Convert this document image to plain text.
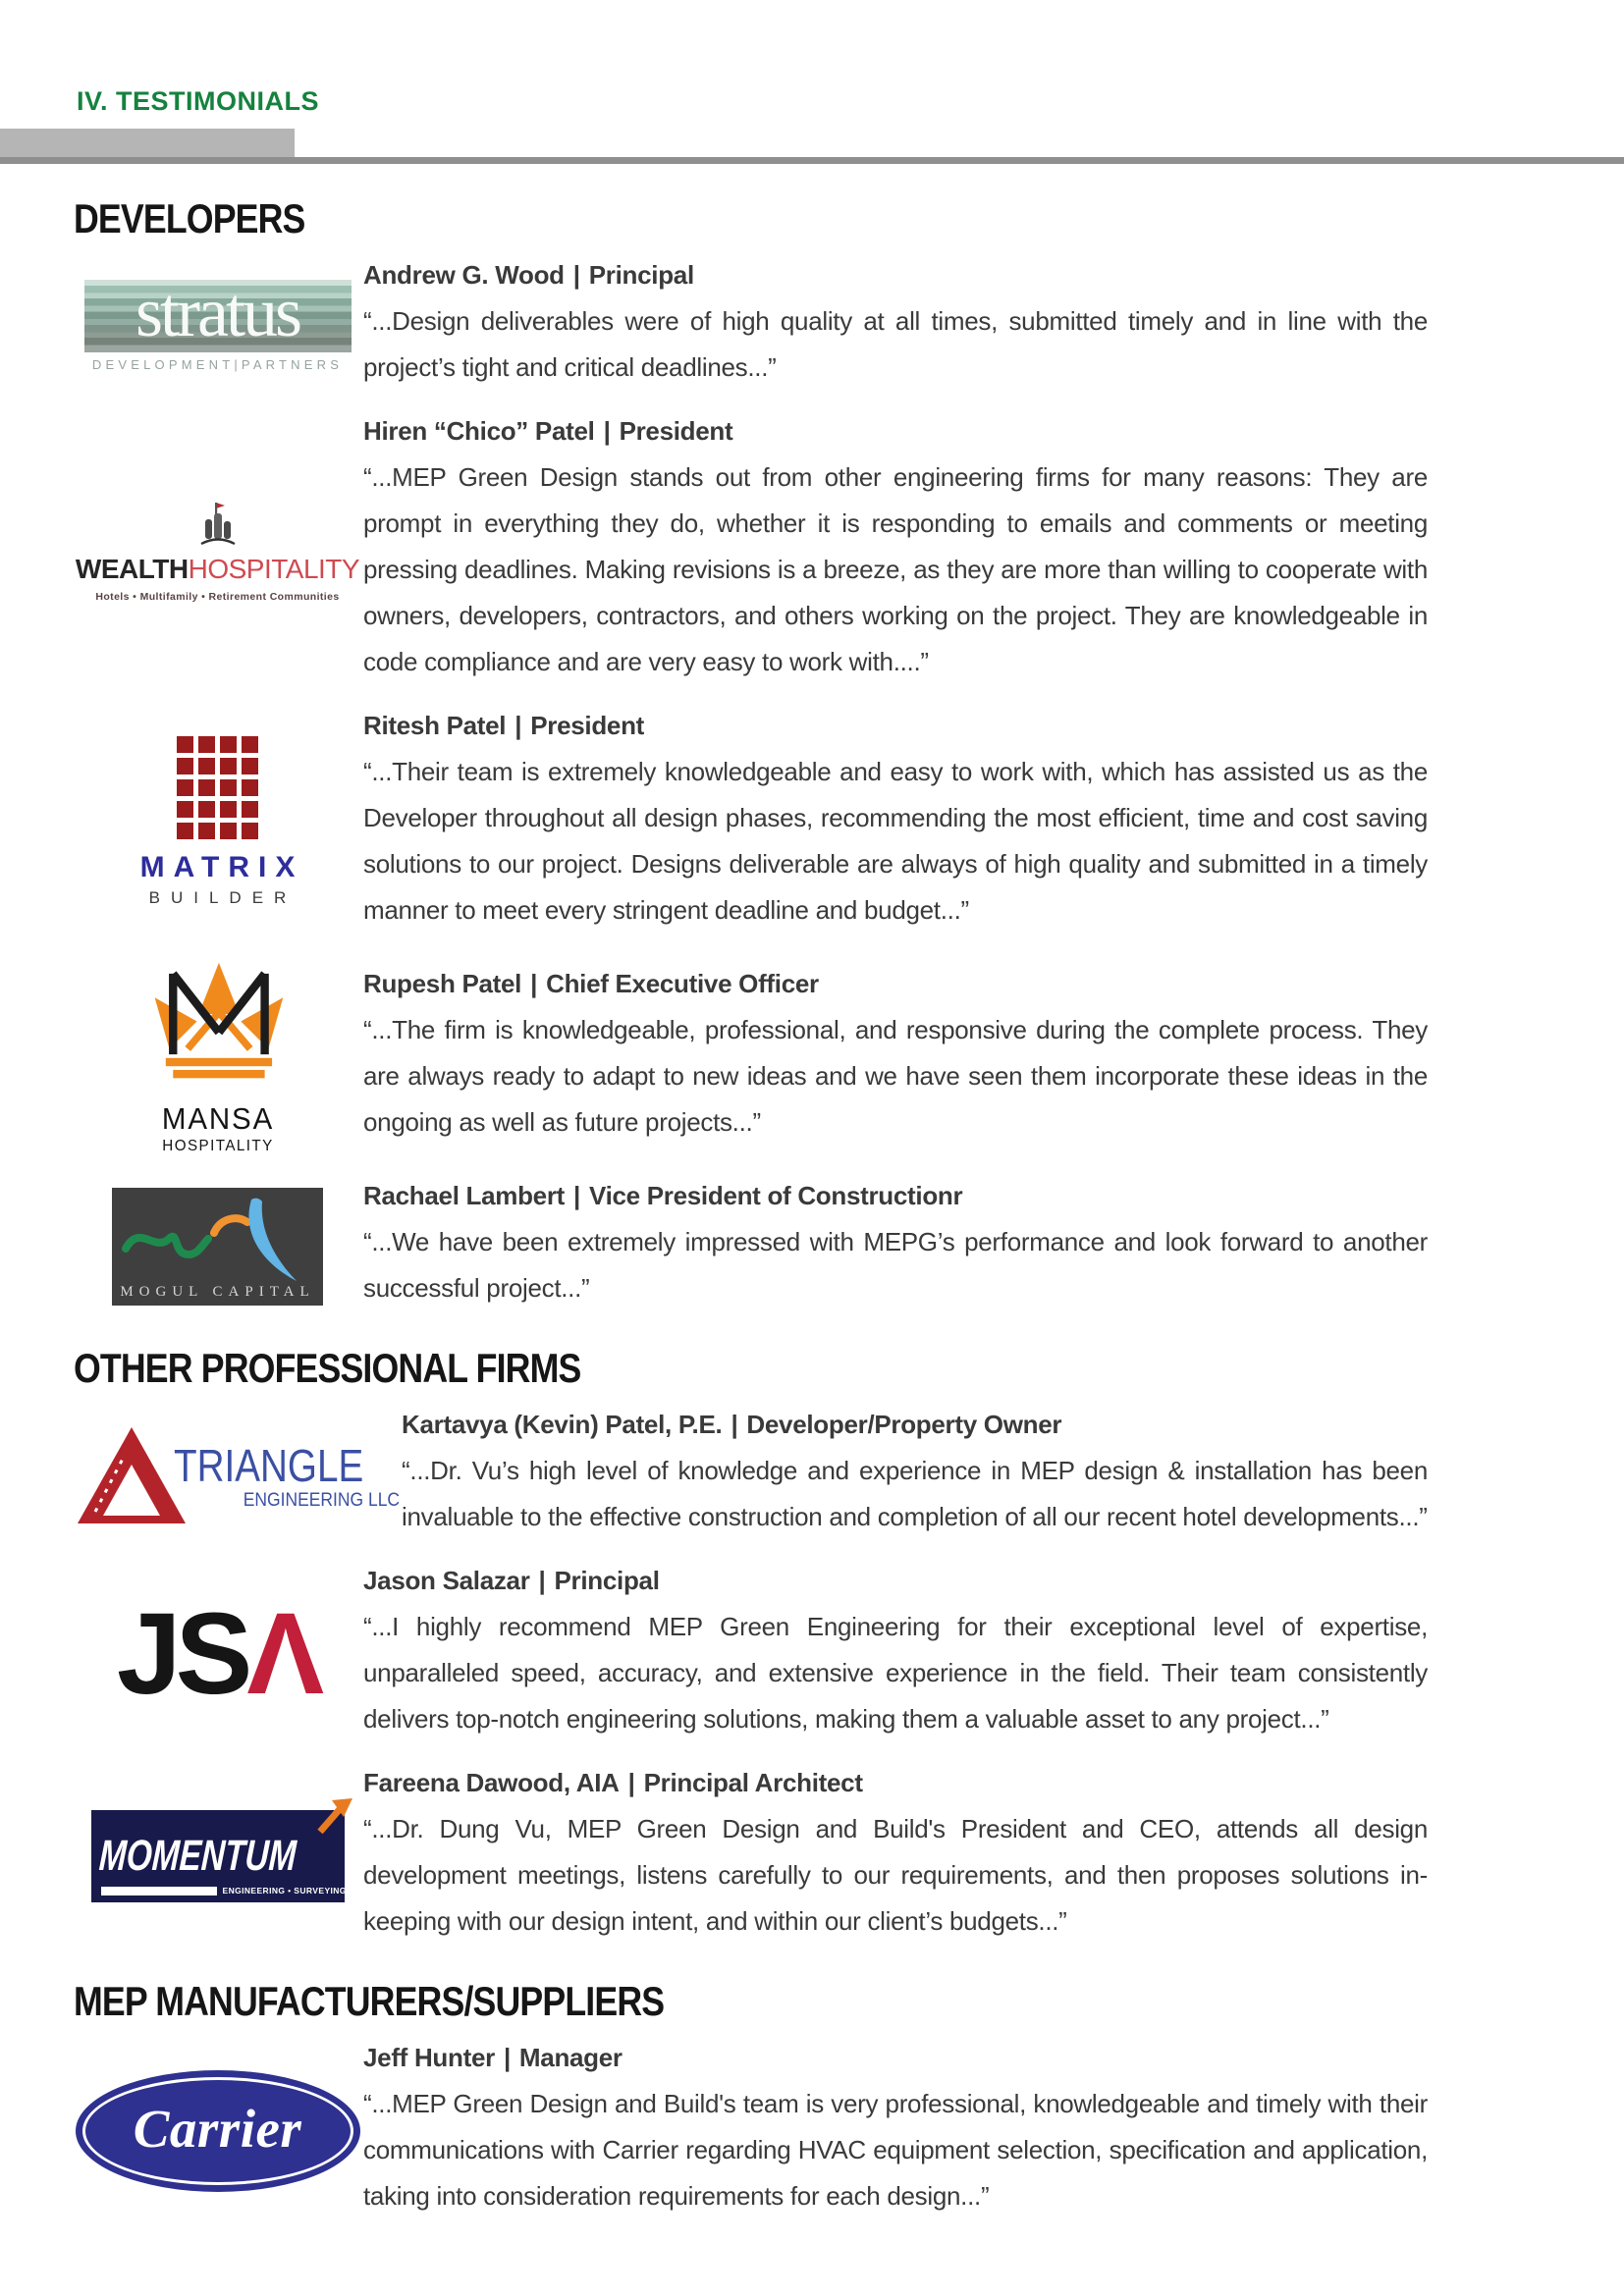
IV. TESTIMONIALS
DEVELOPERS
stratus
DEVELOPMENT|PARTNERS
Andrew G. Wood | Principal

“...Design deliverables were of high quality at all times, submitted timely and in line with the project’s tight and critical deadlines...”

WEALTHHOSPITALITY
Hotels • Multifamily • Retirement Communities
Hiren “Chico” Patel | President

“...MEP Green Design stands out from other engineering firms for many reasons: They are prompt in everything they do, whether it is responding to emails and comments or meeting pressing deadlines. Making revisions is a breeze, as they are more than willing to cooperate with owners, developers, contractors, and others working on the project. They are knowledgeable in code compliance and are very easy to work with....”

MATRIX
BUILDER
Ritesh Patel | President

“...Their team is extremely knowledgeable and easy to work with, which has assisted us as the Developer throughout all design phases, recommending the most efficient, time and cost saving solutions to our project. Designs deliverable are always of high quality and submitted in a timely manner to meet every stringent deadline and budget...”

MANSA
HOSPITALITY
Rupesh Patel | Chief Executive Officer

“...The firm is knowledgeable, professional, and responsive during the complete process. They are always ready to adapt to new ideas and we have seen them incorporate these ideas in the ongoing as well as future projects...”

MOGUL CAPITAL
Rachael Lambert | Vice President of Constructionr

“...We have been extremely impressed with MEPG’s performance and look forward to another successful project...”

OTHER PROFESSIONAL FIRMS
TRIANGLE
ENGINEERING LLC
Kartavya (Kevin) Patel, P.E. | Developer/Property Owner

“...Dr. Vu’s high level of knowledge and experience in MEP design & installation has been invaluable to the effective construction and completion of all our recent hotel developments...”

JSΛ
Jason Salazar | Principal

“...I highly recommend MEP Green Engineering for their exceptional level of expertise, unparalleled speed, accuracy, and extensive experience in the field. Their team consistently delivers top-notch engineering solutions, making them a valuable asset to any project...”

MOMENTUM
ENGINEERING • SURVEYING
Fareena Dawood, AIA | Principal Architect

“...Dr. Dung Vu, MEP Green Design and Build's President and CEO, attends all design development meetings, listens carefully to our requirements, and then proposes solutions in-keeping with our design intent, and within our client’s budgets...”

MEP MANUFACTURERS/SUPPLIERS
Carrier
Jeff Hunter | Manager

“...MEP Green Design and Build's team is very professional, knowledgeable and timely with their communications with Carrier regarding HVAC equipment selection, specification and application, taking into consideration requirements for each design...”
